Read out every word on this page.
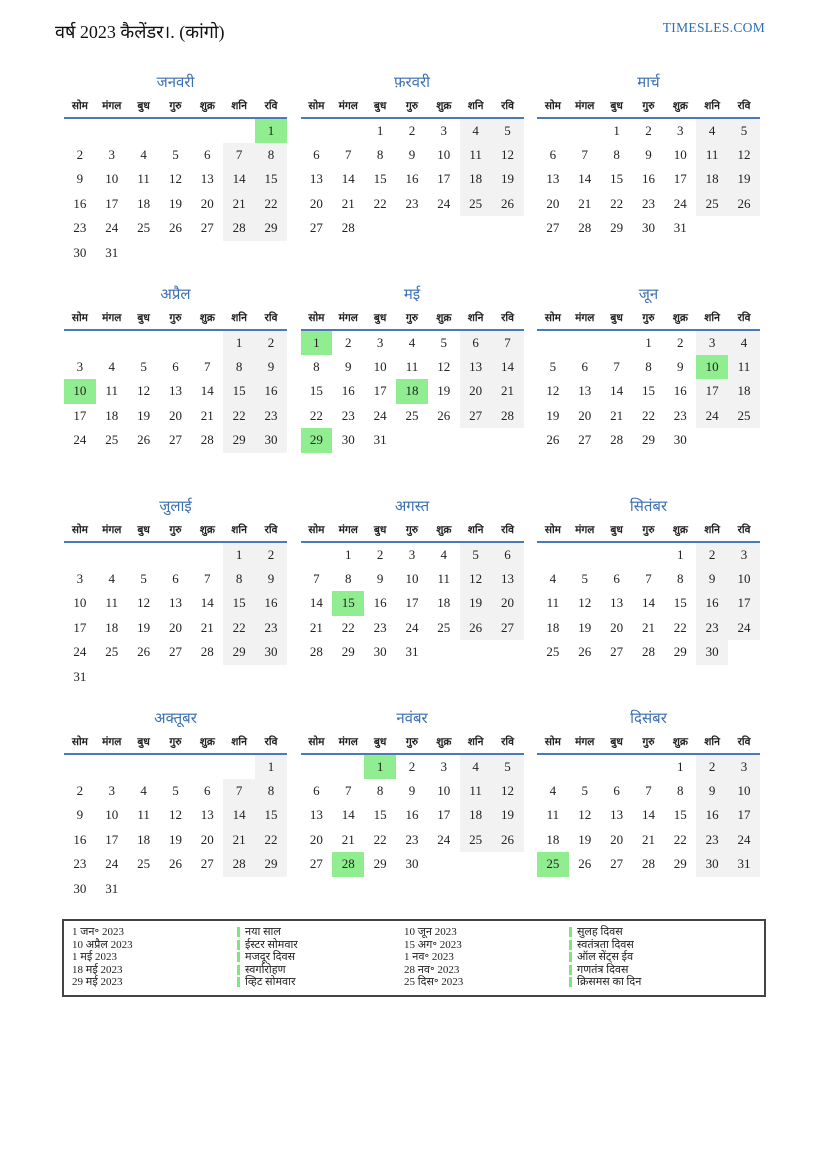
वर्ष 2023 कैलेंडर।. (कांगो)	TIMESLES.COM
जनवरी
सोम	मंगल	बुध	गुरु	शुक्र	शनि	रवि
						1
2	3	4	5	6	7	8
9	10	11	12	13	14	15
16	17	18	19	20	21	22
23	24	25	26	27	28	29
30	31					
फ़रवरी
सोम	मंगल	बुध	गुरु	शुक्र	शनि	रवि
		1	2	3	4	5
6	7	8	9	10	11	12
13	14	15	16	17	18	19
20	21	22	23	24	25	26
27	28					
मार्च
सोम	मंगल	बुध	गुरु	शुक्र	शनि	रवि
		1	2	3	4	5
6	7	8	9	10	11	12
13	14	15	16	17	18	19
20	21	22	23	24	25	26
27	28	29	30	31		
अप्रैल
सोम	मंगल	बुध	गुरु	शुक्र	शनि	रवि
					1	2
3	4	5	6	7	8	9
10	11	12	13	14	15	16
17	18	19	20	21	22	23
24	25	26	27	28	29	30
मई
सोम	मंगल	बुध	गुरु	शुक्र	शनि	रवि
1	2	3	4	5	6	7
8	9	10	11	12	13	14
15	16	17	18	19	20	21
22	23	24	25	26	27	28
29	30	31				
जून
सोम	मंगल	बुध	गुरु	शुक्र	शनि	रवि
			1	2	3	4
5	6	7	8	9	10	11
12	13	14	15	16	17	18
19	20	21	22	23	24	25
26	27	28	29	30		
जुलाई
सोम	मंगल	बुध	गुरु	शुक्र	शनि	रवि
					1	2
3	4	5	6	7	8	9
10	11	12	13	14	15	16
17	18	19	20	21	22	23
24	25	26	27	28	29	30
31						
अगस्त
सोम	मंगल	बुध	गुरु	शुक्र	शनि	रवि
	1	2	3	4	5	6
7	8	9	10	11	12	13
14	15	16	17	18	19	20
21	22	23	24	25	26	27
28	29	30	31			
सितंबर
सोम	मंगल	बुध	गुरु	शुक्र	शनि	रवि
				1	2	3
4	5	6	7	8	9	10
11	12	13	14	15	16	17
18	19	20	21	22	23	24
25	26	27	28	29	30	
अक्तूबर
सोम	मंगल	बुध	गुरु	शुक्र	शनि	रवि
						1
2	3	4	5	6	7	8
9	10	11	12	13	14	15
16	17	18	19	20	21	22
23	24	25	26	27	28	29
30	31					
नवंबर
सोम	मंगल	बुध	गुरु	शुक्र	शनि	रवि
		1	2	3	4	5
6	7	8	9	10	11	12
13	14	15	16	17	18	19
20	21	22	23	24	25	26
27	28	29	30			
दिसंबर
सोम	मंगल	बुध	गुरु	शुक्र	शनि	रवि
				1	2	3
4	5	6	7	8	9	10
11	12	13	14	15	16	17
18	19	20	21	22	23	24
25	26	27	28	29	30	31
1 जन॰ 2023	नया साल	10 जून 2023	सुलह दिवस
10 अप्रैल 2023	ईस्टर सोमवार	15 अग॰ 2023	स्वतंत्रता दिवस
1 मई 2023	मजदूर दिवस	1 नव॰ 2023	ऑल सेंट्स ईव
18 मई 2023	स्वर्गारोहण	28 नव॰ 2023	गणतंत्र दिवस
29 मई 2023	व्हिट सोमवार	25 दिस॰ 2023	क्रिसमस का दिन
